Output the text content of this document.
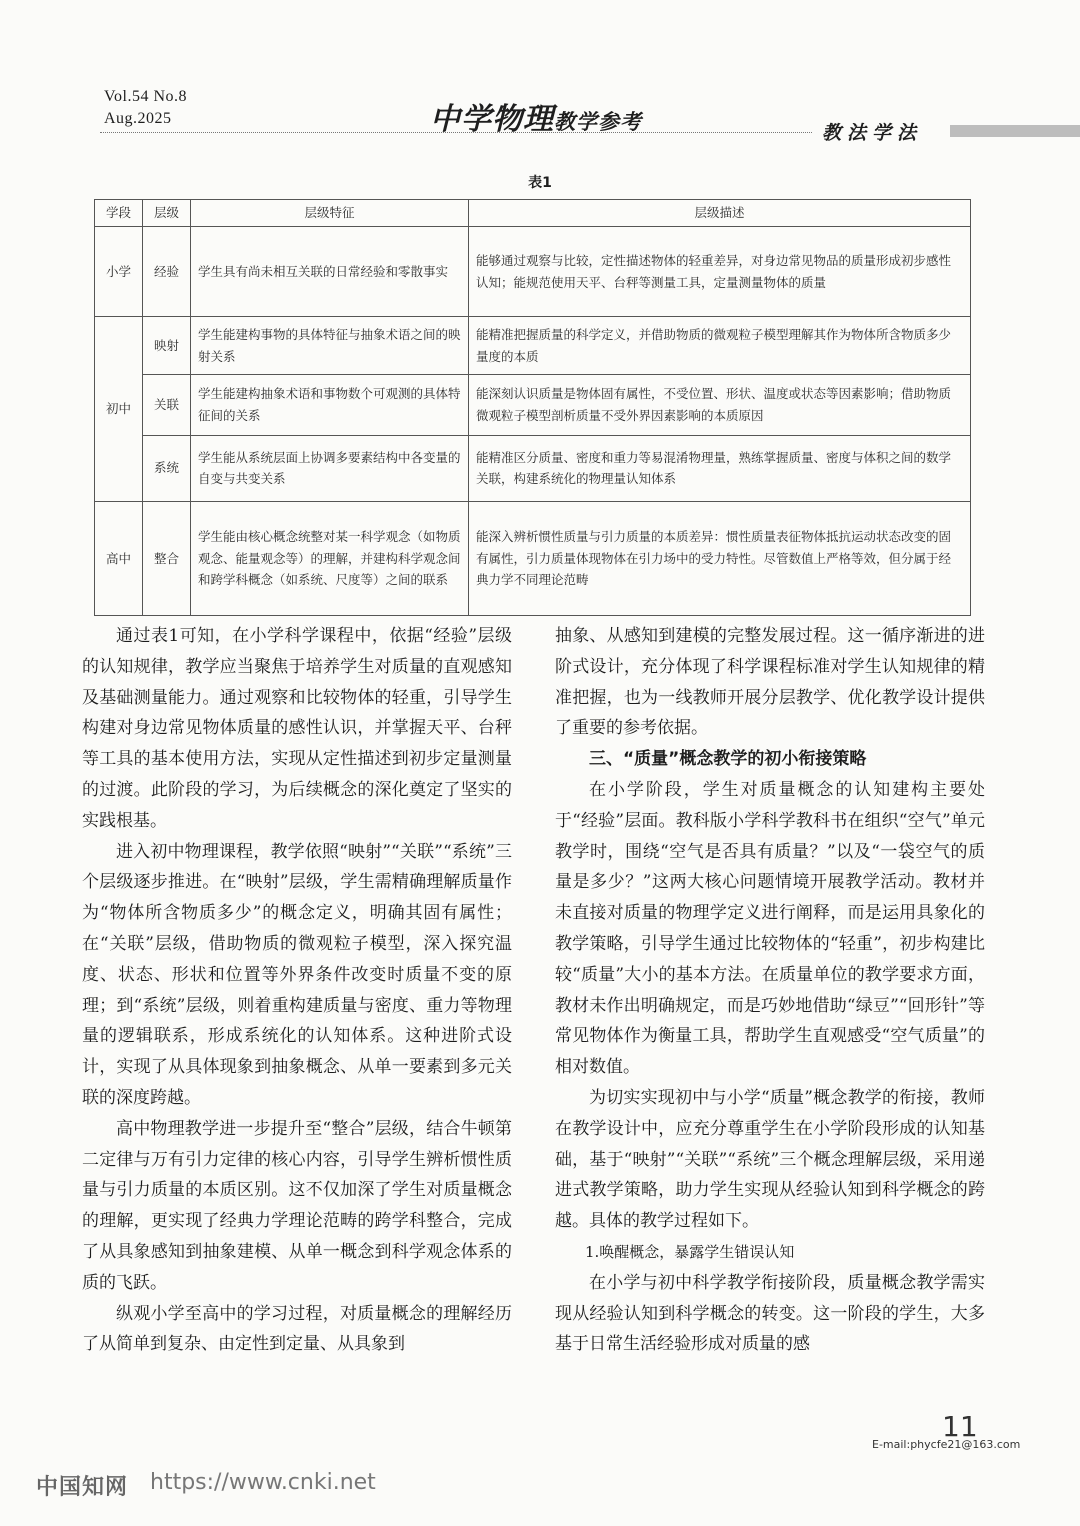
Vol.54 No.8
Aug.2025	中学物理教学参考	教法学法
表1
学段	层级	层级特征	层级描述
小学	经验	学生具有尚未相互关联的日常经验和零散事实	能够通过观察与比较，定性描述物体的轻重差异，对身边常见物品的质量形成初步感性认知；能规范使用天平、台秤等测量工具，定量测量物体的质量
初中	映射	学生能建构事物的具体特征与抽象术语之间的映射关系	能精准把握质量的科学定义，并借助物质的微观粒子模型理解其作为物体所含物质多少量度的本质
	关联	学生能建构抽象术语和事物数个可观测的具体特征间的关系	能深刻认识质量是物体固有属性，不受位置、形状、温度或状态等因素影响；借助物质微观粒子模型剖析质量不受外界因素影响的本质原因
	系统	学生能从系统层面上协调多要素结构中各变量的自变与共变关系	能精准区分质量、密度和重力等易混淆物理量，熟练掌握质量、密度与体积之间的数学关联，构建系统化的物理量认知体系
高中	整合	学生能由核心概念统整对某一科学观念（如物质观念、能量观念等）的理解，并建构科学观念间和跨学科概念（如系统、尺度等）之间的联系	能深入辨析惯性质量与引力质量的本质差异：惯性质量表征物体抵抗运动状态改变的固有属性，引力质量体现物体在引力场中的受力特性。尽管数值上严格等效，但分属于经典力学不同理论范畴

通过表1可知，在小学科学课程中，依据“经验”层级的认知规律，教学应当聚焦于培养学生对质量的直观感知及基础测量能力。通过观察和比较物体的轻重，引导学生构建对身边常见物体质量的感性认识，并掌握天平、台秤等工具的基本使用方法，实现从定性描述到初步定量测量的过渡。此阶段的学习，为后续概念的深化奠定了坚实的实践根基。

进入初中物理课程，教学依照“映射”“关联”“系统”三个层级逐步推进。在“映射”层级，学生需精确理解质量作为“物体所含物质多少”的概念定义，明确其固有属性；在“关联”层级，借助物质的微观粒子模型，深入探究温度、状态、形状和位置等外界条件改变时质量不变的原理；到“系统”层级，则着重构建质量与密度、重力等物理量的逻辑联系，形成系统化的认知体系。这种进阶式设计，实现了从具体现象到抽象概念、从单一要素到多元关联的深度跨越。

高中物理教学进一步提升至“整合”层级，结合牛顿第二定律与万有引力定律的核心内容，引导学生辨析惯性质量与引力质量的本质区别。这不仅加深了学生对质量概念的理解，更实现了经典力学理论范畴的跨学科整合，完成了从具象感知到抽象建模、从单一概念到科学观念体系的质的飞跃。

纵观小学至高中的学习过程，对质量概念的理解经历了从简单到复杂、由定性到定量、从具象到

抽象、从感知到建模的完整发展过程。这一循序渐进的进阶式设计，充分体现了科学课程标准对学生认知规律的精准把握，也为一线教师开展分层教学、优化教学设计提供了重要的参考依据。

三、“质量”概念教学的初小衔接策略

在小学阶段，学生对质量概念的认知建构主要处于“经验”层面。教科版小学科学教科书在组织“空气”单元教学时，围绕“空气是否具有质量？”以及“一袋空气的质量是多少？”这两大核心问题情境开展教学活动。教材并未直接对质量的物理学定义进行阐释，而是运用具象化的教学策略，引导学生通过比较物体的“轻重”，初步构建比较“质量”大小的基本方法。在质量单位的教学要求方面，教材未作出明确规定，而是巧妙地借助“绿豆”“回形针”等常见物体作为衡量工具，帮助学生直观感受“空气质量”的相对数值。

为切实实现初中与小学“质量”概念教学的衔接，教师在教学设计中，应充分尊重学生在小学阶段形成的认知基础，基于“映射”“关联”“系统”三个概念理解层级，采用递进式教学策略，助力学生实现从经验认知到科学概念的跨越。具体的教学过程如下。

1.唤醒概念，暴露学生错误认知

在小学与初中科学教学衔接阶段，质量概念教学需实现从经验认知到科学概念的转变。这一阶段的学生，大多基于日常生活经验形成对质量的感

11
E-mail:phycfe21@163.com
中国知网 https://www.cnki.net
